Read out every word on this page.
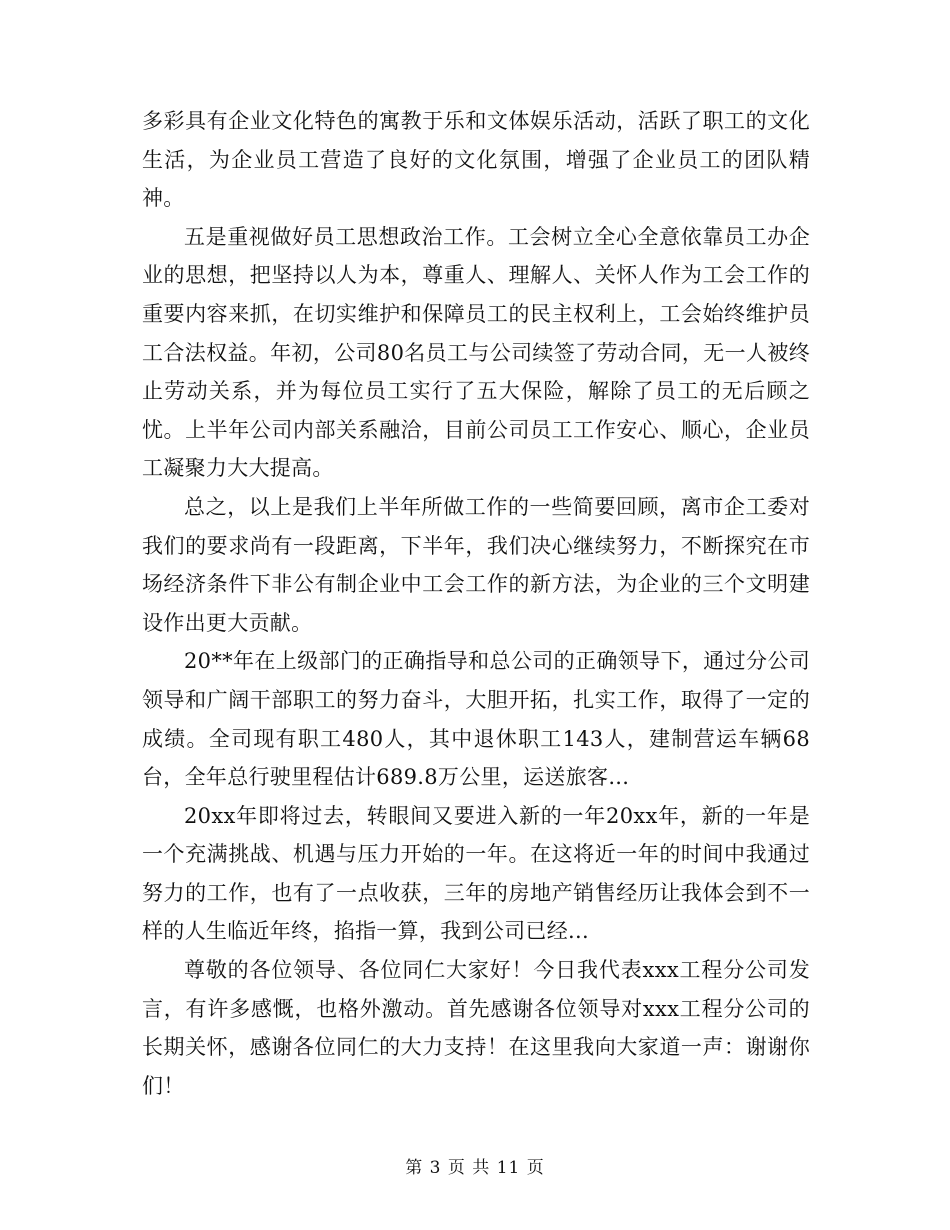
多彩具有企业文化特色的寓教于乐和文体娱乐活动，活跃了职工的文化生活，为企业员工营造了良好的文化氛围，增强了企业员工的团队精神。

五是重视做好员工思想政治工作。工会树立全心全意依靠员工办企业的思想，把坚持以人为本，尊重人、理解人、关怀人作为工会工作的重要内容来抓，在切实维护和保障员工的民主权利上，工会始终维护员工合法权益。年初，公司80名员工与公司续签了劳动合同，无一人被终止劳动关系，并为每位员工实行了五大保险，解除了员工的无后顾之忧。上半年公司内部关系融洽，目前公司员工工作安心、顺心，企业员工凝聚力大大提高。

总之，以上是我们上半年所做工作的一些简要回顾，离市企工委对我们的要求尚有一段距离，下半年，我们决心继续努力，不断探究在市场经济条件下非公有制企业中工会工作的新方法，为企业的三个文明建设作出更大贡献。

20**年在上级部门的正确指导和总公司的正确领导下，通过分公司领导和广阔干部职工的努力奋斗，大胆开拓，扎实工作，取得了一定的成绩。全司现有职工480人，其中退休职工143人，建制营运车辆68台，全年总行驶里程估计689.8万公里，运送旅客...

20xx年即将过去，转眼间又要进入新的一年20xx年，新的一年是一个充满挑战、机遇与压力开始的一年。在这将近一年的时间中我通过努力的工作，也有了一点收获，三年的房地产销售经历让我体会到不一样的人生临近年终，掐指一算，我到公司已经...

尊敬的各位领导、各位同仁大家好！今日我代表xxx工程分公司发言，有许多感慨，也格外激动。首先感谢各位领导对xxx工程分公司的长期关怀，感谢各位同仁的大力支持！在这里我向大家道一声：谢谢你们！

第 3 页 共 11 页
